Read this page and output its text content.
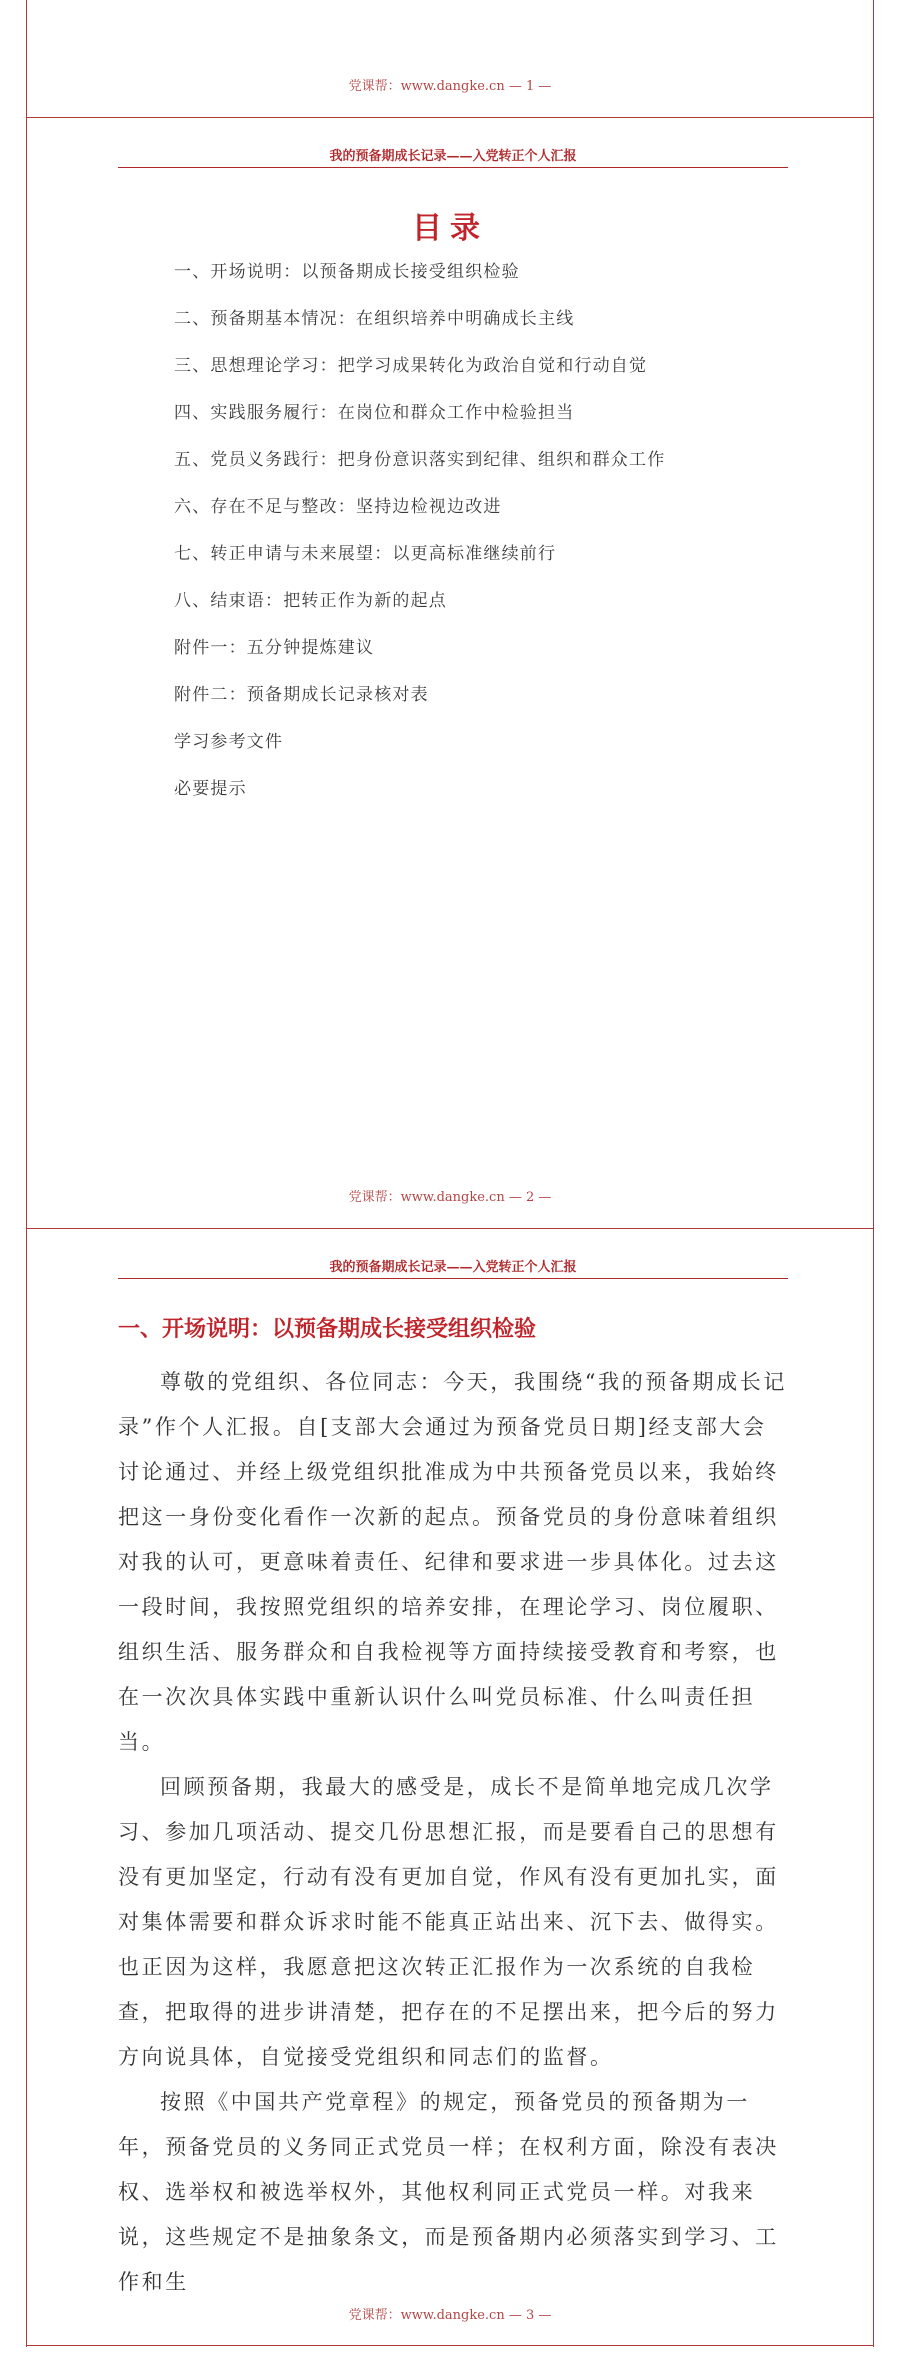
党课帮：www.dangke.cn — 1 —
我的预备期成长记录——入党转正个人汇报
目录
一、开场说明：以预备期成长接受组织检验
二、预备期基本情况：在组织培养中明确成长主线
三、思想理论学习：把学习成果转化为政治自觉和行动自觉
四、实践服务履行：在岗位和群众工作中检验担当
五、党员义务践行：把身份意识落实到纪律、组织和群众工作
六、存在不足与整改：坚持边检视边改进
七、转正申请与未来展望：以更高标准继续前行
八、结束语：把转正作为新的起点
附件一：五分钟提炼建议
附件二：预备期成长记录核对表
学习参考文件
必要提示
党课帮：www.dangke.cn — 2 —
我的预备期成长记录——入党转正个人汇报
一、开场说明：以预备期成长接受组织检验

尊敬的党组织、各位同志：今天，我围绕“我的预备期成长记录”作个人汇报。自[支部大会通过为预备党员日期]经支部大会讨论通过、并经上级党组织批准成为中共预备党员以来，我始终把这一身份变化看作一次新的起点。预备党员的身份意味着组织对我的认可，更意味着责任、纪律和要求进一步具体化。过去这一段时间，我按照党组织的培养安排，在理论学习、岗位履职、组织生活、服务群众和自我检视等方面持续接受教育和考察，也在一次次具体实践中重新认识什么叫党员标准、什么叫责任担当。

回顾预备期，我最大的感受是，成长不是简单地完成几次学习、参加几项活动、提交几份思想汇报，而是要看自己的思想有没有更加坚定，行动有没有更加自觉，作风有没有更加扎实，面对集体需要和群众诉求时能不能真正站出来、沉下去、做得实。也正因为这样，我愿意把这次转正汇报作为一次系统的自我检查，把取得的进步讲清楚，把存在的不足摆出来，把今后的努力方向说具体，自觉接受党组织和同志们的监督。

按照《中国共产党章程》的规定，预备党员的预备期为一年，预备党员的义务同正式党员一样；在权利方面，除没有表决权、选举权和被选举权外，其他权利同正式党员一样。对我来说，这些规定不是抽象条文，而是预备期内必须落实到学习、工作和生

党课帮：www.dangke.cn — 3 —
